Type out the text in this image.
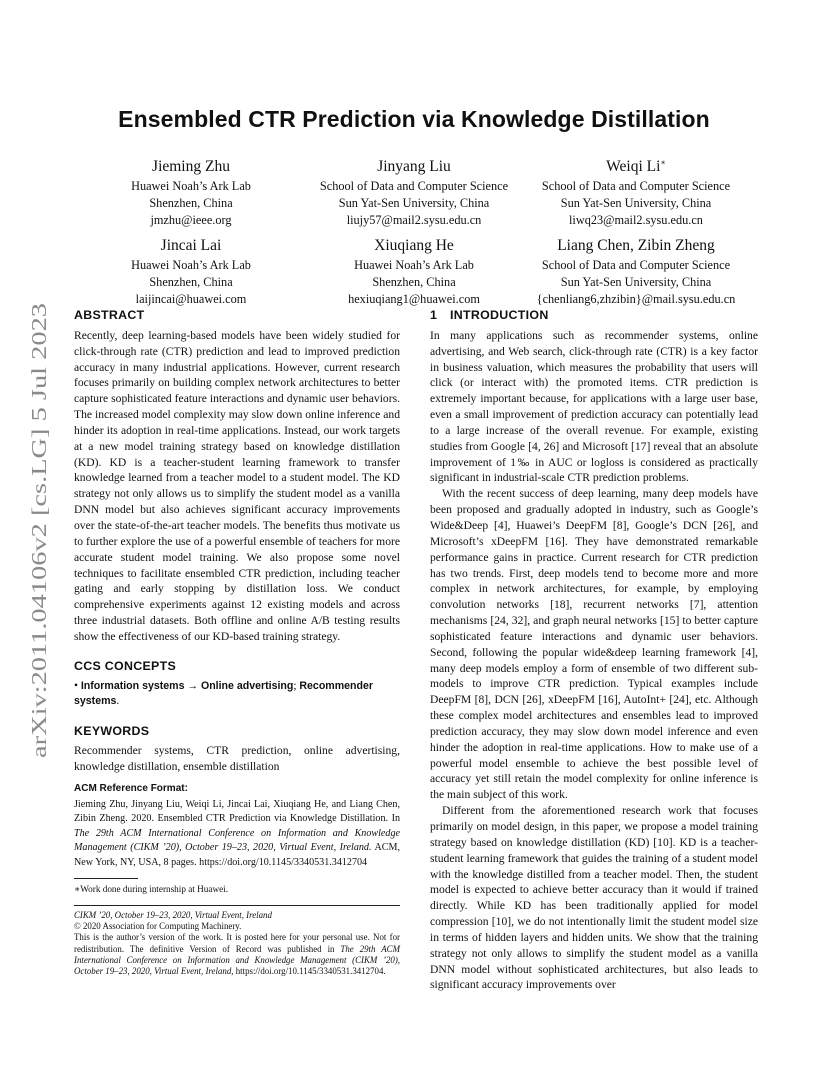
arXiv:2011.04106v2 [cs.LG] 5 Jul 2023
Ensembled CTR Prediction via Knowledge Distillation
Jieming Zhu
Huawei Noah’s Ark Lab
Shenzhen, China
jmzhu@ieee.org
Jinyang Liu
School of Data and Computer Science
Sun Yat-Sen University, China
liujy57@mail2.sysu.edu.cn
Weiqi Li∗
School of Data and Computer Science
Sun Yat-Sen University, China
liwq23@mail2.sysu.edu.cn
Jincai Lai
Huawei Noah’s Ark Lab
Shenzhen, China
laijincai@huawei.com
Xiuqiang He
Huawei Noah’s Ark Lab
Shenzhen, China
hexiuqiang1@huawei.com
Liang Chen, Zibin Zheng
School of Data and Computer Science
Sun Yat-Sen University, China
{chenliang6,zhzibin}@mail.sysu.edu.cn
ABSTRACT

Recently, deep learning-based models have been widely studied for click-through rate (CTR) prediction and lead to improved prediction accuracy in many industrial applications. However, current research focuses primarily on building complex network architectures to better capture sophisticated feature interactions and dynamic user behaviors. The increased model complexity may slow down online inference and hinder its adoption in real-time applications. Instead, our work targets at a new model training strategy based on knowledge distillation (KD). KD is a teacher-student learning framework to transfer knowledge learned from a teacher model to a student model. The KD strategy not only allows us to simplify the student model as a vanilla DNN model but also achieves significant accuracy improvements over the state-of-the-art teacher models. The benefits thus motivate us to further explore the use of a powerful ensemble of teachers for more accurate student model training. We also propose some novel techniques to facilitate ensembled CTR prediction, including teacher gating and early stopping by distillation loss. We conduct comprehensive experiments against 12 existing models and across three industrial datasets. Both offline and online A/B testing results show the effectiveness of our KD-based training strategy.

CCS CONCEPTS

• Information systems → Online advertising; Recommender systems.

KEYWORDS

Recommender systems, CTR prediction, online advertising, knowledge distillation, ensemble distillation

ACM Reference Format:

Jieming Zhu, Jinyang Liu, Weiqi Li, Jincai Lai, Xiuqiang He, and Liang Chen, Zibin Zheng. 2020. Ensembled CTR Prediction via Knowledge Distillation. In The 29th ACM International Conference on Information and Knowledge Management (CIKM ’20), October 19–23, 2020, Virtual Event, Ireland. ACM, New York, NY, USA, 8 pages. https://doi.org/10.1145/3340531.3412704

∗Work done during internship at Huawei.

CIKM ’20, October 19–23, 2020, Virtual Event, Ireland

© 2020 Association for Computing Machinery.

This is the author’s version of the work. It is posted here for your personal use. Not for redistribution. The definitive Version of Record was published in The 29th ACM International Conference on Information and Knowledge Management (CIKM ’20), October 19–23, 2020, Virtual Event, Ireland, https://doi.org/10.1145/3340531.3412704.

1 INTRODUCTION

In many applications such as recommender systems, online advertising, and Web search, click-through rate (CTR) is a key factor in business valuation, which measures the probability that users will click (or interact with) the promoted items. CTR prediction is extremely important because, for applications with a large user base, even a small improvement of prediction accuracy can potentially lead to a large increase of the overall revenue. For example, existing studies from Google [4, 26] and Microsoft [17] reveal that an absolute improvement of 1‰ in AUC or logloss is considered as practically significant in industrial-scale CTR prediction problems.

With the recent success of deep learning, many deep models have been proposed and gradually adopted in industry, such as Google’s Wide&Deep [4], Huawei’s DeepFM [8], Google’s DCN [26], and Microsoft’s xDeepFM [16]. They have demonstrated remarkable performance gains in practice. Current research for CTR prediction has two trends. First, deep models tend to become more and more complex in network architectures, for example, by employing convolution networks [18], recurrent networks [7], attention mechanisms [24, 32], and graph neural networks [15] to better capture sophisticated feature interactions and dynamic user behaviors. Second, following the popular wide&deep learning framework [4], many deep models employ a form of ensemble of two different sub-models to improve CTR prediction. Typical examples include DeepFM [8], DCN [26], xDeepFM [16], AutoInt+ [24], etc. Although these complex model architectures and ensembles lead to improved prediction accuracy, they may slow down model inference and even hinder the adoption in real-time applications. How to make use of a powerful model ensemble to achieve the best possible level of accuracy yet still retain the model complexity for online inference is the main subject of this work.

Different from the aforementioned research work that focuses primarily on model design, in this paper, we propose a model training strategy based on knowledge distillation (KD) [10]. KD is a teacher-student learning framework that guides the training of a student model with the knowledge distilled from a teacher model. Then, the student model is expected to achieve better accuracy than it would if trained directly. While KD has been traditionally applied for model compression [10], we do not intentionally limit the student model size in terms of hidden layers and hidden units. We show that the training strategy not only allows to simplify the student model as a vanilla DNN model without sophisticated architectures, but also leads to significant accuracy improvements over
